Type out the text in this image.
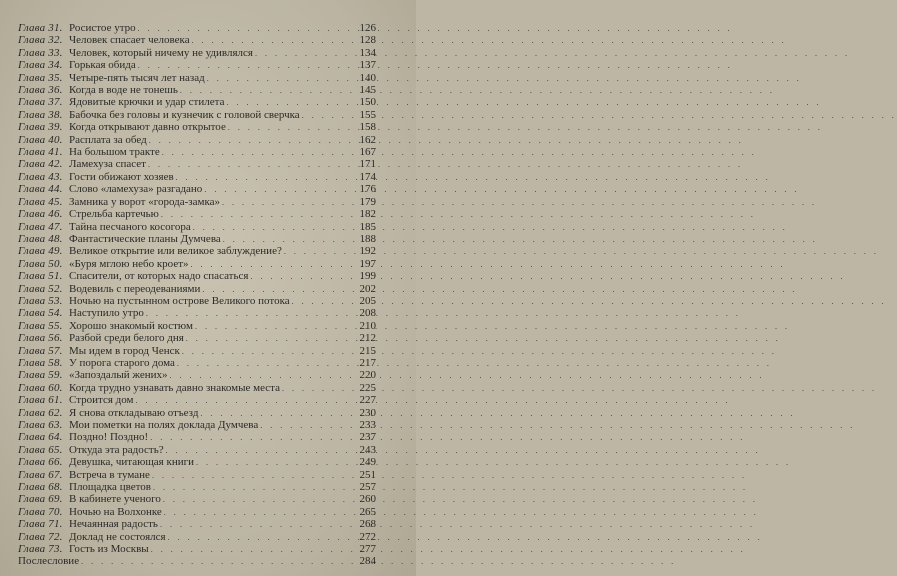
Глава 31. Росистое утро . . .	126
Глава 32. Человек спасает человека . . .	128
Глава 33. Человек, который ничему не удивлялся . . .	134
Глава 34. Горькая обида . . .	137
Глава 35. Четыре-пять тысяч лет назад . . .	140
Глава 36. Когда в воде не тонешь . . .	145
Глава 37. Ядовитые крючки и удар стилета . . .	150
Глава 38. Бабочка без головы и кузнечик с головой сверчка . . .	155
Глава 39. Когда открывают давно открытое . . .	158
Глава 40. Расплата за обед . . .	162
Глава 41. На большом тракте . . .	167
Глава 42. Ламехуза спасет . . .	171
Глава 43. Гости обижают хозяев . . .	174
Глава 44. Слово «ламехуза» разгадано . . .	176
Глава 45. Замника у ворот «города-замка» . . .	179
Глава 46. Стрельба картечью . . .	182
Глава 47. Тайна песчаного косогора . . .	185
Глава 48. Фантастические планы Думчева . . .	188
Глава 49. Великое открытие или великое заблуждение? . . .	192
Глава 50. «Буря мглою небо кроет» . . .	197
Глава 51. Спасители, от которых надо спасаться . . .	199
Глава 52. Водевиль с переодеваниями . . .	202
Глава 53. Ночью на пустынном острове Великого потока . . .	205
Глава 54. Наступило утро . . .	208
Глава 55. Хорошо знакомый костюм . . .	210
Глава 56. Разбой среди белого дня . . .	212
Глава 57. Мы идем в город Ченск . . .	215
Глава 58. У порога старого дома . . .	217
Глава 59. «Запоздалый жених» . . .	220
Глава 60. Когда трудно узнавать давно знакомые места . . .	225
Глава 61. Строится дом . . .	227
Глава 62. Я снова откладываю отъезд . . .	230
Глава 63. Мои пометки на полях доклада Думчева . . .	233
Глава 64. Поздно! Поздно! . . .	237
Глава 65. Откуда эта радость? . . .	243
Глава 66. Девушка, читающая книги . . .	249
Глава 67. Встреча в тумане . . .	251
Глава 68. Площадка цветов . . .	257
Глава 69. В кабинете ученого . . .	260
Глава 70. Ночью на Волхонке . . .	265
Глава 71. Нечаянная радость . . .	268
Глава 72. Доклад не состоялся . . .	272
Глава 73. Гость из Москвы . . .	277
Послесловие . . .	284
